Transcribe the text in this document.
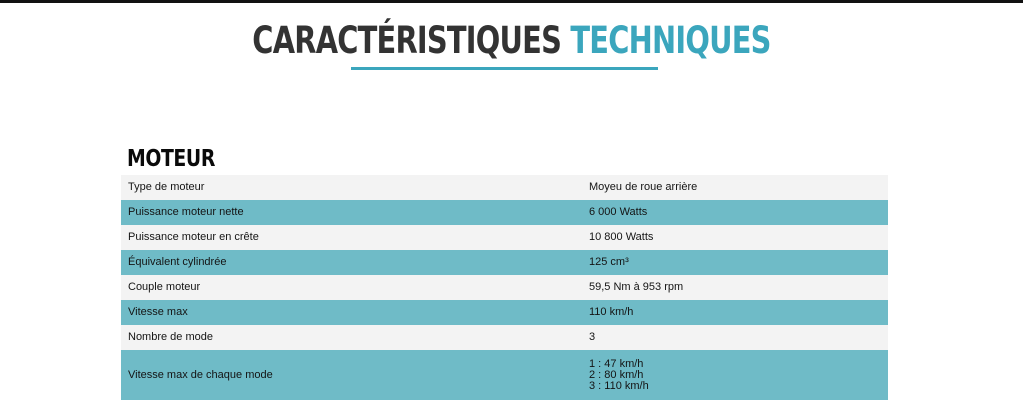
CARACTÉRISTIQUES TECHNIQUES
MOTEUR
Type de moteur	Moyeu de roue arrière
Puissance moteur nette	6 000 Watts
Puissance moteur en crête	10 800 Watts
Équivalent cylindrée	125 cm³
Couple moteur	59,5 Nm à 953 rpm
Vitesse max	110 km/h
Nombre de mode	3
Vitesse max de chaque mode	1 : 47 km/h
2 : 80 km/h
3 : 110 km/h
